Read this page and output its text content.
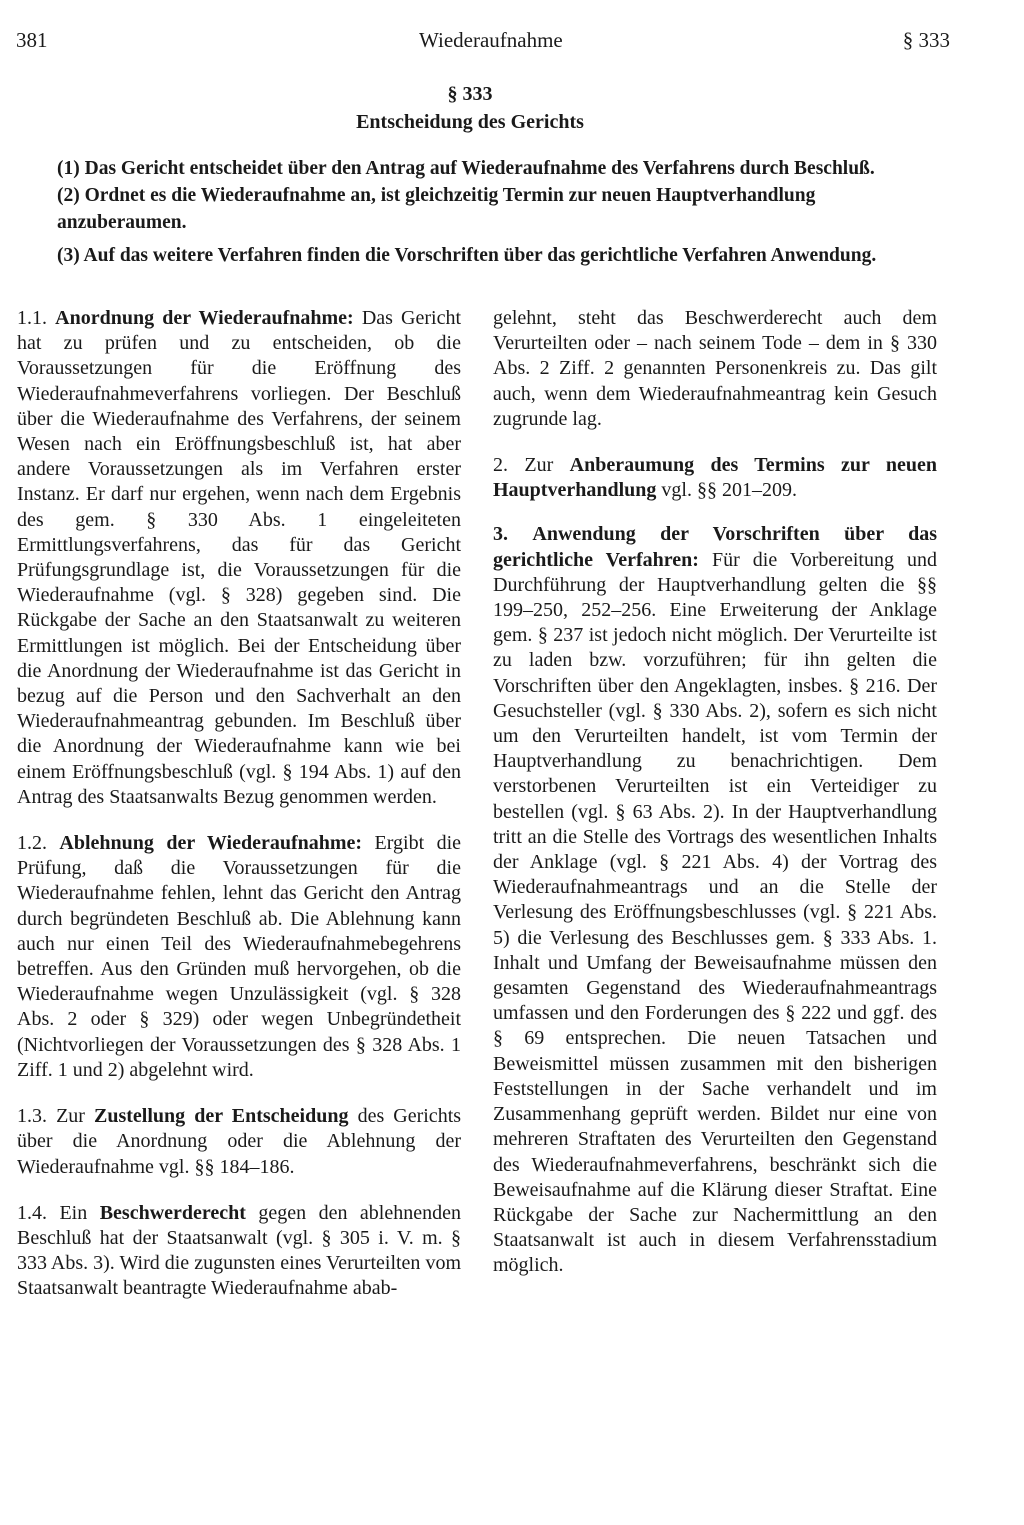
381	Wiederaufnahme	§ 333
§ 333
Entscheidung des Gerichts

(1) Das Gericht entscheidet über den Antrag auf Wiederaufnahme des Verfahrens durch Beschluß.

(2) Ordnet es die Wiederaufnahme an, ist gleichzeitig Termin zur neuen Hauptverhandlung anzuberaumen.

(3) Auf das weitere Verfahren finden die Vorschriften über das gerichtliche Verfahren Anwendung.

1.1. Anordnung der Wiederaufnahme: Das Gericht hat zu prüfen und zu entscheiden, ob die Voraussetzungen für die Eröffnung des Wiederaufnahmeverfahrens vorliegen. Der Beschluß über die Wiederaufnahme des Verfahrens, der seinem Wesen nach ein Eröffnungsbeschluß ist, hat aber andere Voraussetzungen als im Verfahren erster Instanz. Er darf nur ergehen, wenn nach dem Ergebnis des gem. § 330 Abs. 1 eingeleiteten Ermittlungsverfahrens, das für das Gericht Prüfungsgrundlage ist, die Voraussetzungen für die Wiederaufnahme (vgl. § 328) gegeben sind. Die Rückgabe der Sache an den Staatsanwalt zu weiteren Ermittlungen ist möglich. Bei der Entscheidung über die Anordnung der Wiederaufnahme ist das Gericht in bezug auf die Person und den Sachverhalt an den Wiederaufnahmeantrag gebunden. Im Beschluß über die Anordnung der Wiederaufnahme kann wie bei einem Eröffnungsbeschluß (vgl. § 194 Abs. 1) auf den Antrag des Staatsanwalts Bezug genommen werden.

1.2. Ablehnung der Wiederaufnahme: Ergibt die Prüfung, daß die Voraussetzungen für die Wiederaufnahme fehlen, lehnt das Gericht den Antrag durch begründeten Beschluß ab. Die Ablehnung kann auch nur einen Teil des Wiederaufnahmebegehrens betreffen. Aus den Gründen muß hervorgehen, ob die Wiederaufnahme wegen Unzulässigkeit (vgl. § 328 Abs. 2 oder § 329) oder wegen Unbegründetheit (Nichtvorliegen der Voraussetzungen des § 328 Abs. 1 Ziff. 1 und 2) abgelehnt wird.

1.3. Zur Zustellung der Entscheidung des Gerichts über die Anordnung oder die Ablehnung der Wiederaufnahme vgl. §§ 184–186.

1.4. Ein Beschwerderecht gegen den ablehnenden Beschluß hat der Staatsanwalt (vgl. § 305 i. V. m. § 333 Abs. 3). Wird die zugunsten eines Verurteilten vom Staatsanwalt beantragte Wiederaufnahme abab-

gelehnt, steht das Beschwerderecht auch dem Verurteilten oder – nach seinem Tode – dem in § 330 Abs. 2 Ziff. 2 genannten Personenkreis zu. Das gilt auch, wenn dem Wiederaufnahmeantrag kein Gesuch zugrunde lag.

2. Zur Anberaumung des Termins zur neuen Hauptverhandlung vgl. §§ 201–209.

3. Anwendung der Vorschriften über das gerichtliche Verfahren: Für die Vorbereitung und Durchführung der Hauptverhandlung gelten die §§ 199–250, 252–256. Eine Erweiterung der Anklage gem. § 237 ist jedoch nicht möglich. Der Verurteilte ist zu laden bzw. vorzuführen; für ihn gelten die Vorschriften über den Angeklagten, insbes. § 216. Der Gesuchsteller (vgl. § 330 Abs. 2), sofern es sich nicht um den Verurteilten handelt, ist vom Termin der Hauptverhandlung zu benachrichtigen. Dem verstorbenen Verurteilten ist ein Verteidiger zu bestellen (vgl. § 63 Abs. 2). In der Hauptverhandlung tritt an die Stelle des Vortrags des wesentlichen Inhalts der Anklage (vgl. § 221 Abs. 4) der Vortrag des Wiederaufnahmeantrags und an die Stelle der Verlesung des Eröffnungsbeschlusses (vgl. § 221 Abs. 5) die Verlesung des Beschlusses gem. § 333 Abs. 1. Inhalt und Umfang der Beweisaufnahme müssen den gesamten Gegenstand des Wiederaufnahmeantrags umfassen und den Forderungen des § 222 und ggf. des § 69 entsprechen. Die neuen Tatsachen und Beweismittel müssen zusammen mit den bisherigen Feststellungen in der Sache verhandelt und im Zusammenhang geprüft werden. Bildet nur eine von mehreren Straftaten des Verurteilten den Gegenstand des Wiederaufnahmeverfahrens, beschränkt sich die Beweisaufnahme auf die Klärung dieser Straftat. Eine Rückgabe der Sache zur Nachermittlung an den Staatsanwalt ist auch in diesem Verfahrensstadium möglich.
